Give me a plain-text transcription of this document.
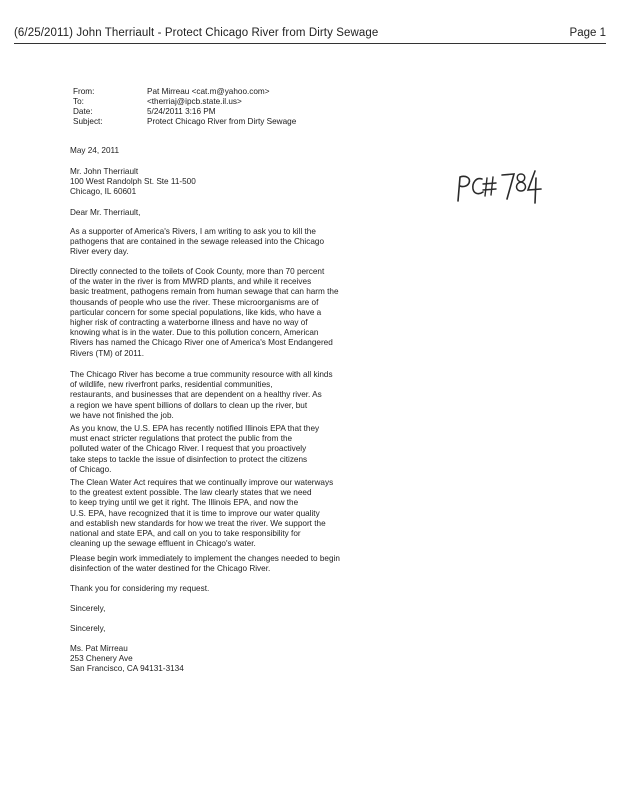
(6/25/2011) John Therriault - Protect Chicago River from Dirty Sewage	Page 1
From:	Pat Mirreau <cat.m@yahoo.com>
To:	<therriaj@ipcb.state.il.us>
Date:	5/24/2011 3:16 PM
Subject:	Protect Chicago River from Dirty Sewage
May 24, 2011
Mr. John Therriault
100 West Randolph St. Ste 11-500
Chicago, IL 60601
Dear Mr. Therriault,
As a supporter of America's Rivers, I am writing to ask you to kill the
pathogens that are contained in the sewage released into the Chicago
River every day.
Directly connected to the toilets of Cook County, more than 70 percent
of the water in the river is from MWRD plants, and while it receives
basic treatment, pathogens remain from human sewage that can harm the
thousands of people who use the river. These microorganisms are of
particular concern for some special populations, like kids, who have a
higher risk of contracting a waterborne illness and have no way of
knowing what is in the water. Due to this pollution concern, American
Rivers has named the Chicago River one of America's Most Endangered
Rivers (TM) of 2011.
The Chicago River has become a true community resource with all kinds
of wildlife, new riverfront parks, residential communities,
restaurants, and businesses that are dependent on a healthy river. As
a region we have spent billions of dollars to clean up the river, but
we have not finished the job.
As you know, the U.S. EPA has recently notified Illinois EPA that they
must enact stricter regulations that protect the public from the
polluted water of the Chicago River. I request that you proactively
take steps to tackle the issue of disinfection to protect the citizens
of Chicago.
The Clean Water Act requires that we continually improve our waterways
to the greatest extent possible. The law clearly states that we need
to keep trying until we get it right. The Illinois EPA, and now the
U.S. EPA, have recognized that it is time to improve our water quality
and establish new standards for how we treat the river. We support the
national and state EPA, and call on you to take responsibility for
cleaning up the sewage effluent in Chicago's water.
Please begin work immediately to implement the changes needed to begin
disinfection of the water destined for the Chicago River.
Thank you for considering my request.
Sincerely,
Sincerely,
Ms. Pat Mirreau
253 Chenery Ave
San Francisco, CA 94131-3134
